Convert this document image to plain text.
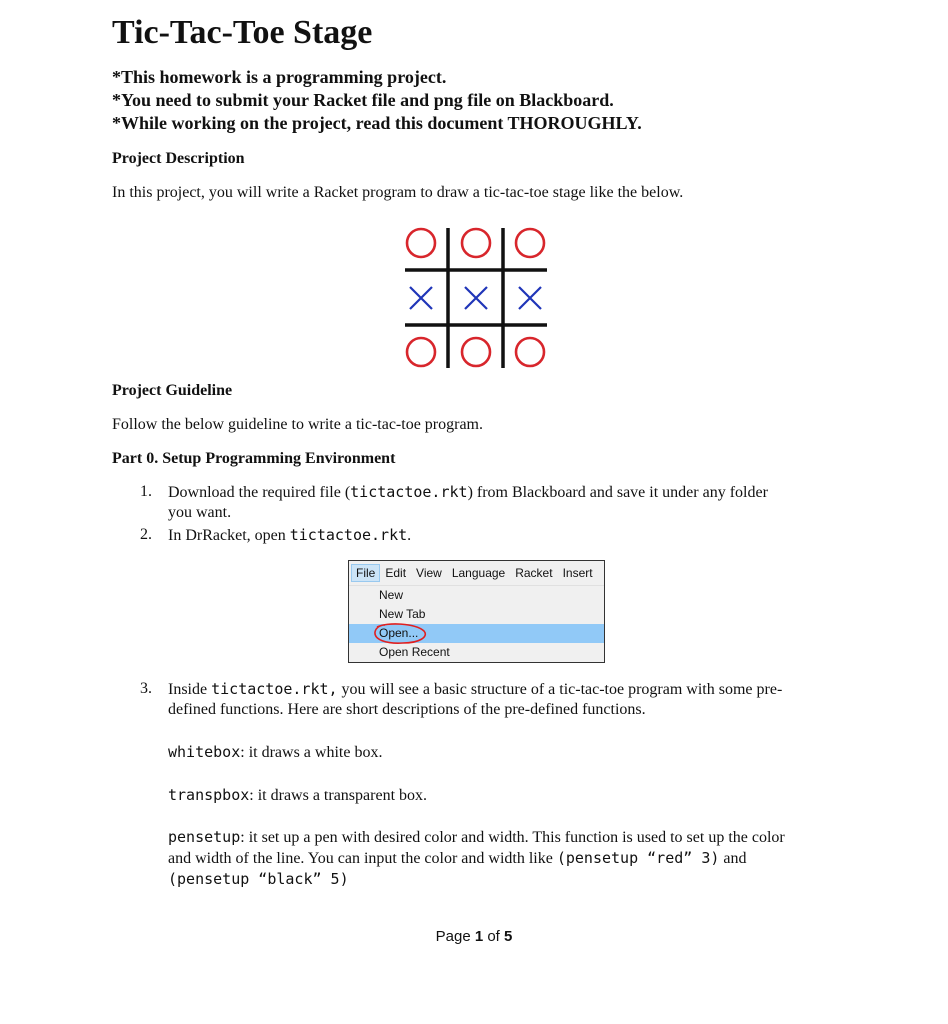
Tic-Tac-Toe Stage
*This homework is a programming project.
*You need to submit your Racket file and png file on Blackboard.
*While working on the project, read this document THOROUGHLY.
Project Description
In this project, you will write a Racket program to draw a tic-tac-toe stage like the below.
Project Guideline
Follow the below guideline to write a tic-tac-toe program.
Part 0. Setup Programming Environment
1. Download the required file (tictactoe.rkt) from Blackboard and save it under any folder
you want.
2. In DrRacket, open tictactoe.rkt.
File Edit View Language Racket Insert
New
New Tab
Open...
Open Recent
3. Inside tictactoe.rkt, you will see a basic structure of a tic-tac-toe program with some pre-
defined functions. Here are short descriptions of the pre-defined functions.
whitebox: it draws a white box.
transpbox: it draws a transparent box.
pensetup: it set up a pen with desired color and width. This function is used to set up the color
and width of the line. You can input the color and width like (pensetup “red” 3) and
(pensetup “black” 5)
Page 1 of 5
